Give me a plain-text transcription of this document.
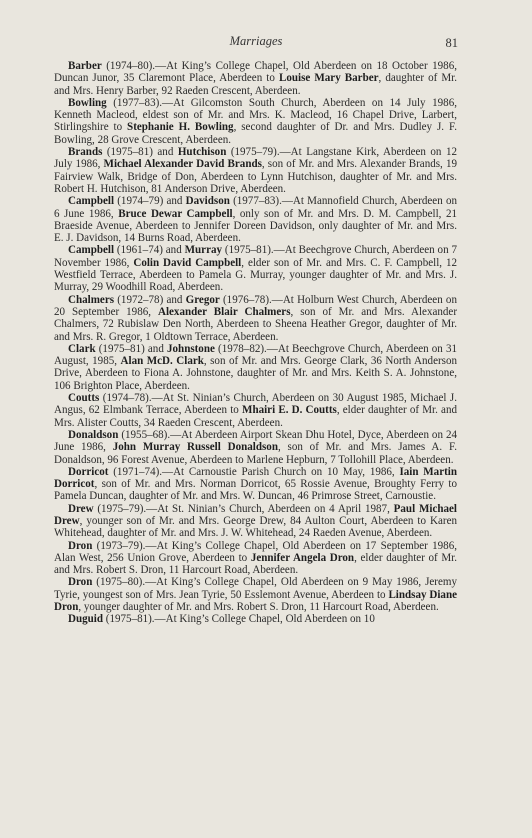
Marriages	81

Barber (1974–80).—At King’s College Chapel, Old Aberdeen on 18 October 1986, Duncan Junor, 35 Claremont Place, Aberdeen to Louise Mary Barber, daughter of Mr. and Mrs. Henry Barber, 92 Raeden Crescent, Aberdeen.

Bowling (1977–83).—At Gilcomston South Church, Aberdeen on 14 July 1986, Kenneth Macleod, eldest son of Mr. and Mrs. K. Macleod, 16 Chapel Drive, Larbert, Stirlingshire to Stephanie H. Bowling, second daughter of Dr. and Mrs. Dudley J. F. Bowling, 28 Grove Crescent, Aberdeen.

Brands (1975–81) and Hutchison (1975–79).—At Langstane Kirk, Aberdeen on 12 July 1986, Michael Alexander David Brands, son of Mr. and Mrs. Alexander Brands, 19 Fairview Walk, Bridge of Don, Aberdeen to Lynn Hutchison, daughter of Mr. and Mrs. Robert H. Hutchison, 81 Anderson Drive, Aberdeen.

Campbell (1974–79) and Davidson (1977–83).—At Mannofield Church, Aberdeen on 6 June 1986, Bruce Dewar Campbell, only son of Mr. and Mrs. D. M. Campbell, 21 Braeside Avenue, Aberdeen to Jennifer Doreen Davidson, only daughter of Mr. and Mrs. E. J. Davidson, 14 Burns Road, Aberdeen.

Campbell (1961–74) and Murray (1975–81).—At Beechgrove Church, Aberdeen on 7 November 1986, Colin David Campbell, elder son of Mr. and Mrs. C. F. Campbell, 12 Westfield Terrace, Aberdeen to Pamela G. Murray, younger daughter of Mr. and Mrs. J. Murray, 29 Woodhill Road, Aberdeen.

Chalmers (1972–78) and Gregor (1976–78).—At Holburn West Church, Aberdeen on 20 September 1986, Alexander Blair Chalmers, son of Mr. and Mrs. Alexander Chalmers, 72 Rubislaw Den North, Aberdeen to Sheena Heather Gregor, daughter of Mr. and Mrs. R. Gregor, 1 Oldtown Terrace, Aberdeen.

Clark (1975–81) and Johnstone (1978–82).—At Beechgrove Church, Aberdeen on 31 August, 1985, Alan McD. Clark, son of Mr. and Mrs. George Clark, 36 North Anderson Drive, Aberdeen to Fiona A. Johnstone, daughter of Mr. and Mrs. Keith S. A. Johnstone, 106 Brighton Place, Aberdeen.

Coutts (1974–78).—At St. Ninian’s Church, Aberdeen on 30 August 1985, Michael J. Angus, 62 Elmbank Terrace, Aberdeen to Mhairi E. D. Coutts, elder daughter of Mr. and Mrs. Alister Coutts, 34 Raeden Crescent, Aberdeen.

Donaldson (1955–68).—At Aberdeen Airport Skean Dhu Hotel, Dyce, Aberdeen on 24 June 1986, John Murray Russell Donaldson, son of Mr. and Mrs. James A. F. Donaldson, 96 Forest Avenue, Aberdeen to Marlene Hepburn, 7 Tollohill Place, Aberdeen.

Dorricot (1971–74).—At Carnoustie Parish Church on 10 May, 1986, Iain Martin Dorricot, son of Mr. and Mrs. Norman Dorricot, 65 Rossie Avenue, Broughty Ferry to Pamela Duncan, daughter of Mr. and Mrs. W. Duncan, 46 Primrose Street, Carnoustie.

Drew (1975–79).—At St. Ninian’s Church, Aberdeen on 4 April 1987, Paul Michael Drew, younger son of Mr. and Mrs. George Drew, 84 Aulton Court, Aberdeen to Karen Whitehead, daughter of Mr. and Mrs. J. W. Whitehead, 24 Raeden Avenue, Aberdeen.

Dron (1973–79).—At King’s College Chapel, Old Aberdeen on 17 September 1986, Alan West, 256 Union Grove, Aberdeen to Jennifer Angela Dron, elder daughter of Mr. and Mrs. Robert S. Dron, 11 Harcourt Road, Aberdeen.

Dron (1975–80).—At King’s College Chapel, Old Aberdeen on 9 May 1986, Jeremy Tyrie, youngest son of Mrs. Jean Tyrie, 50 Esslemont Avenue, Aberdeen to Lindsay Diane Dron, younger daughter of Mr. and Mrs. Robert S. Dron, 11 Harcourt Road, Aberdeen.

Duguid (1975–81).—At King’s College Chapel, Old Aberdeen on 10
